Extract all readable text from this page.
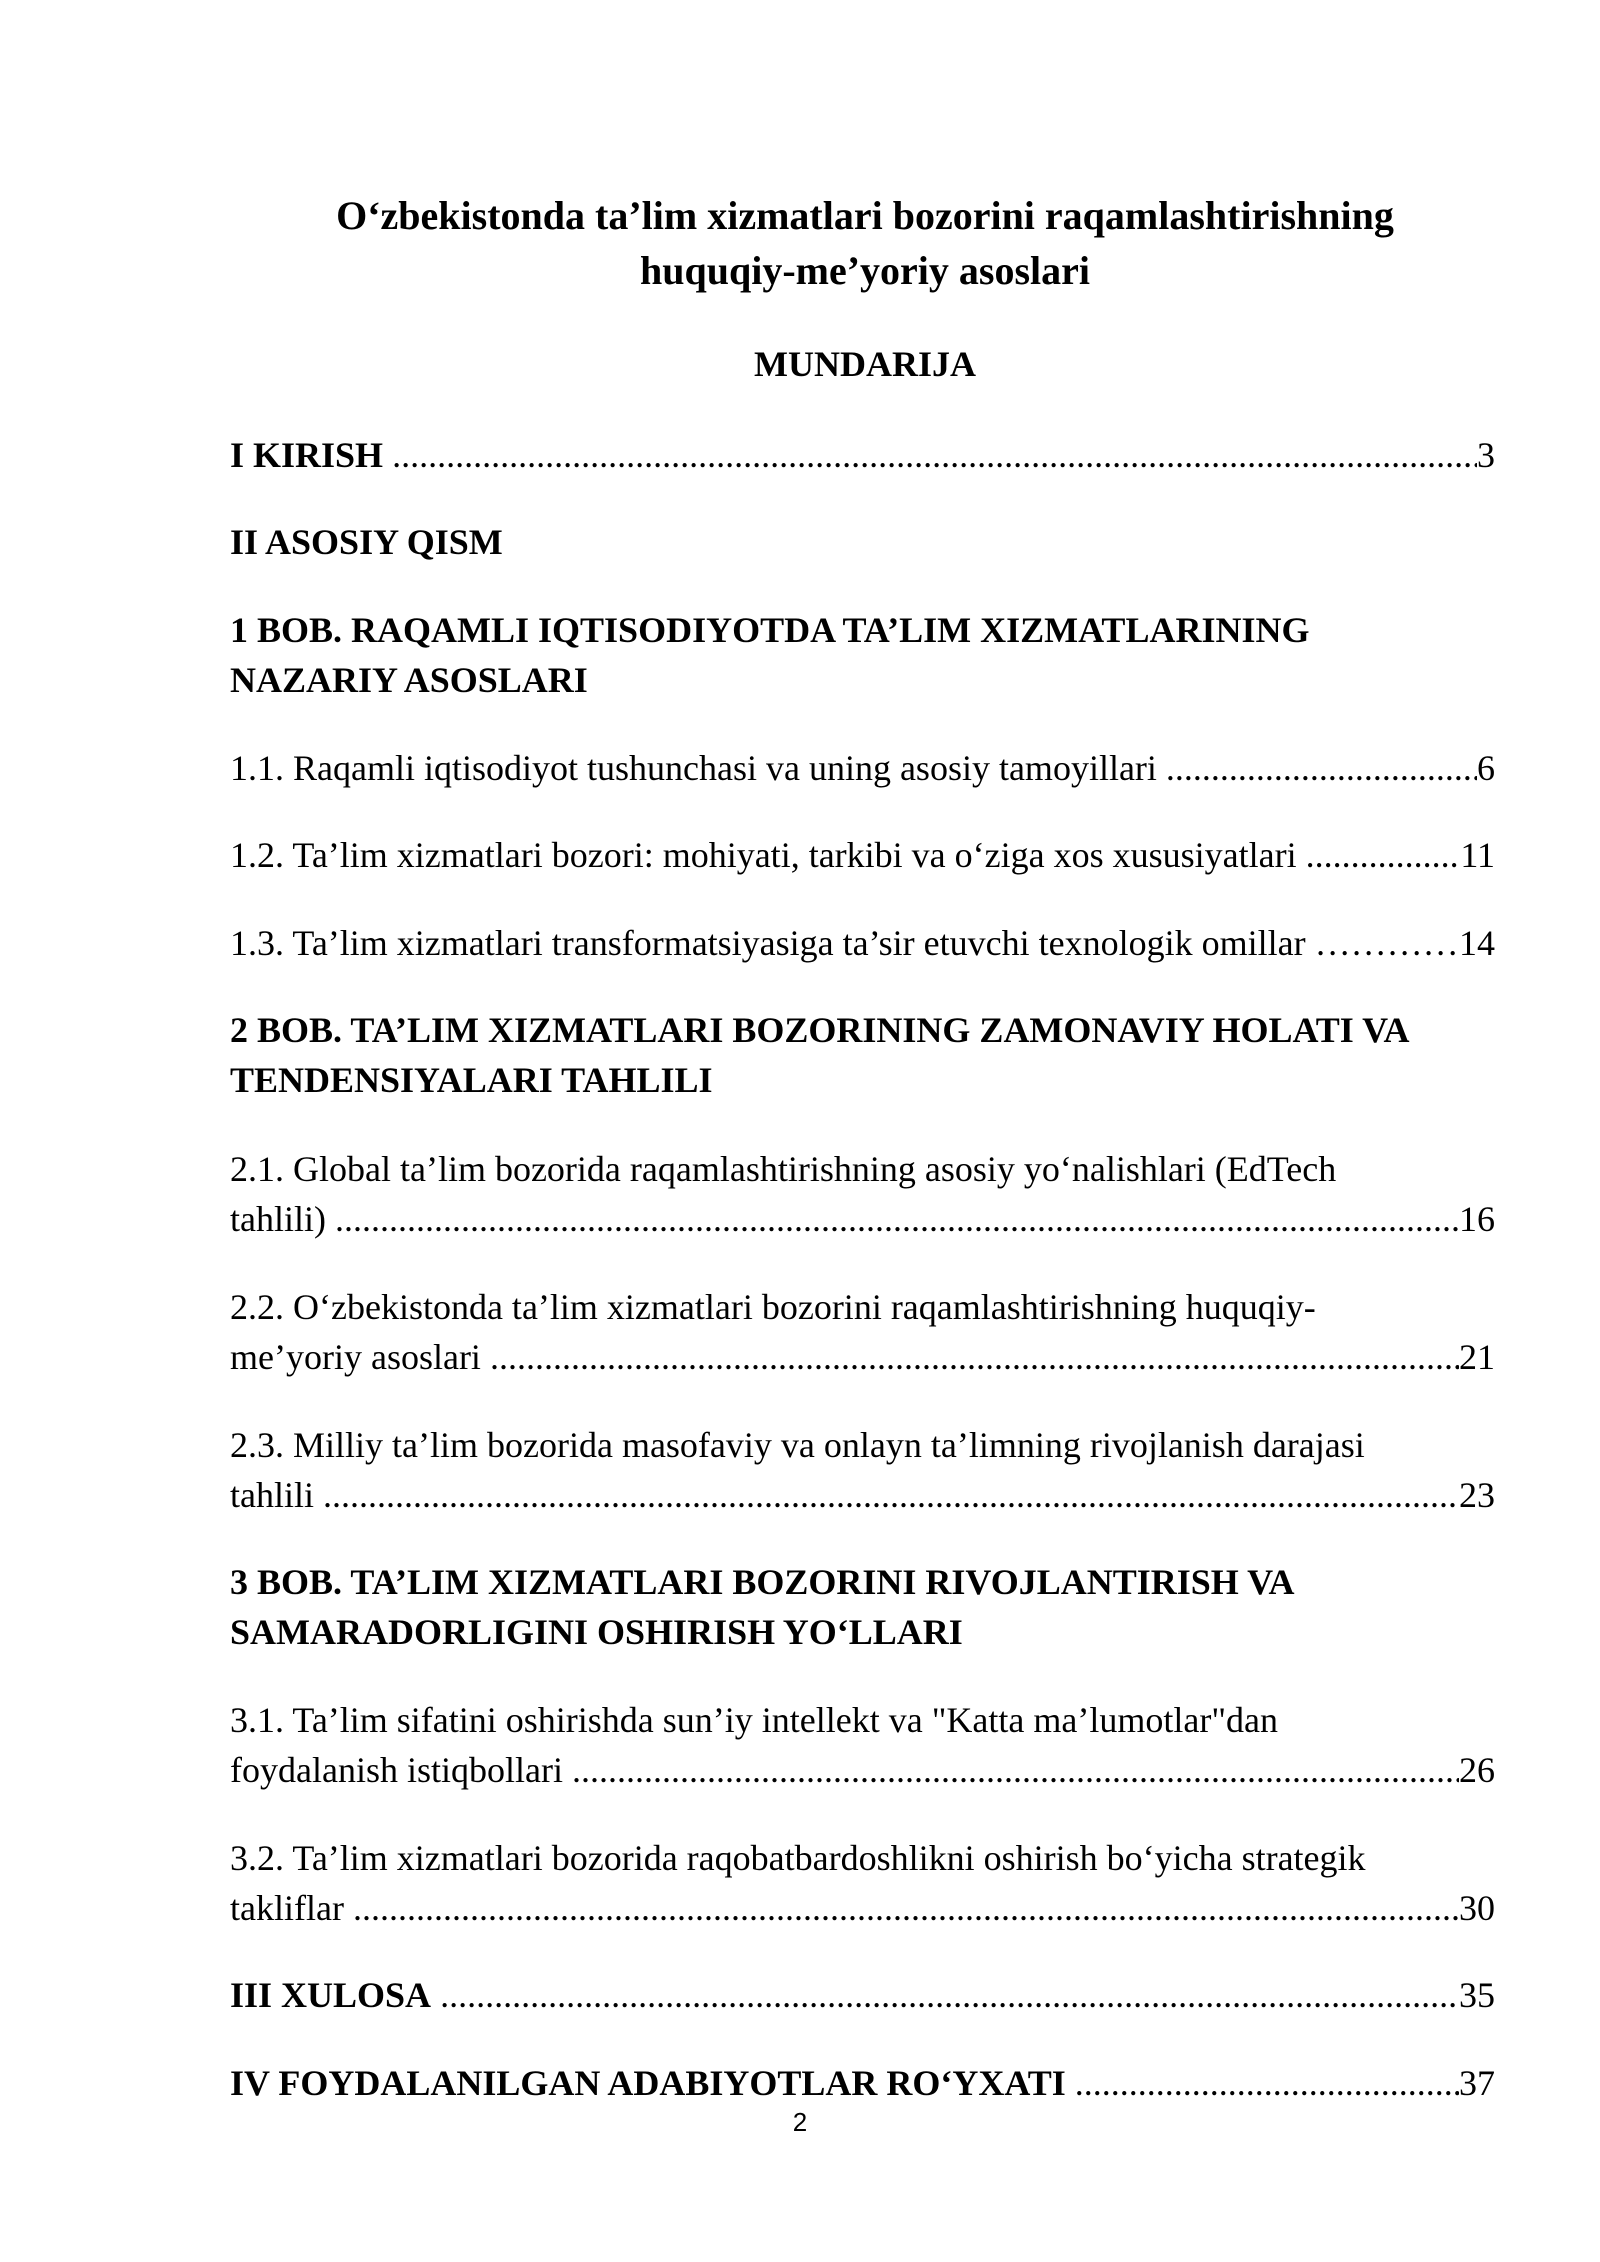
O‘zbekistonda ta’lim xizmatlari bozorini raqamlashtirishning
huquqiy-me’yoriy asoslari
MUNDARIJA
I KIRISH .....	3
II ASOSIY QISM
1 BOB. RAQAMLI IQTISODIYOTDA TA’LIM XIZMATLARINING
NAZARIY ASOSLARI
1.1. Raqamli iqtisodiyot tushunchasi va uning asosiy tamoyillari .....	6
1.2. Ta’lim xizmatlari bozori: mohiyati, tarkibi va o‘ziga xos xususiyatlari .....	11
1.3. Ta’lim xizmatlari transformatsiyasiga ta’sir etuvchi texnologik omillar ……………………………………………………………………………………………………………………………………………………	14
2 BOB. TA’LIM XIZMATLARI BOZORINING ZAMONAVIY HOLATI VA
TENDENSIYALARI TAHLILI
2.1. Global ta’lim bozorida raqamlashtirishning asosiy yo‘nalishlari (EdTech
tahlili) .....	16
2.2. O‘zbekistonda ta’lim xizmatlari bozorini raqamlashtirishning huquqiy-
me’yoriy asoslari .....	21
2.3. Milliy ta’lim bozorida masofaviy va onlayn ta’limning rivojlanish darajasi
tahlili .....	23
3 BOB. TA’LIM XIZMATLARI BOZORINI RIVOJLANTIRISH VA
SAMARADORLIGINI OSHIRISH YO‘LLARI
3.1. Ta’lim sifatini oshirishda sun’iy intellekt va "Katta ma’lumotlar"dan
foydalanish istiqbollari .....	26
3.2. Ta’lim xizmatlari bozorida raqobatbardoshlikni oshirish bo‘yicha strategik
takliflar .....	30
III XULOSA .....	35
IV FOYDALANILGAN ADABIYOTLAR RO‘YXATI .....	37
2
